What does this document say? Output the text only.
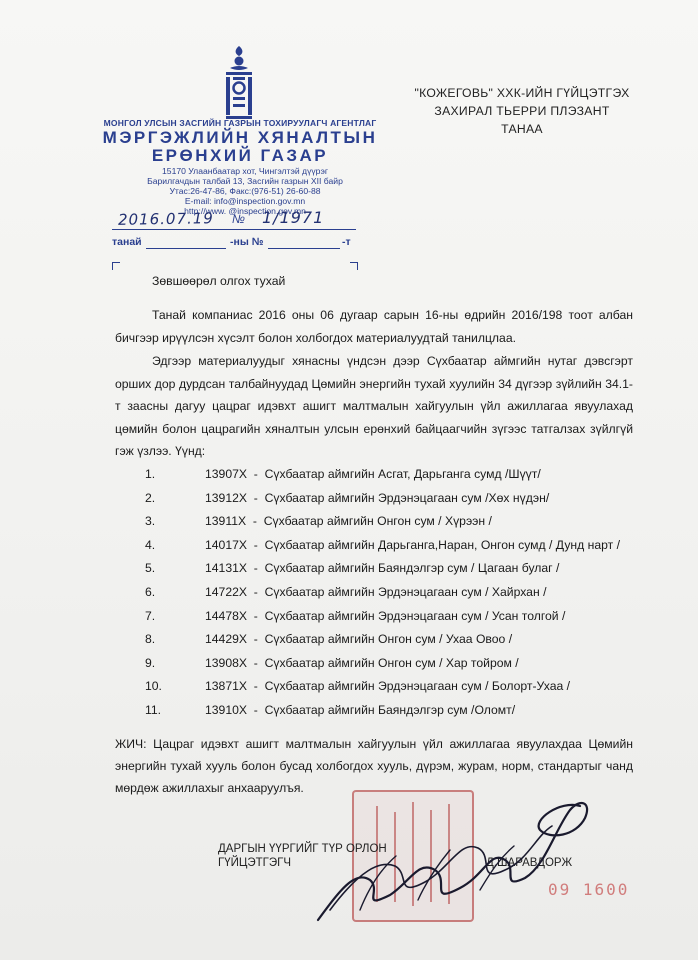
МОНГОЛ УЛСЫН ЗАСГИЙН ГАЗРЫН ТОХИРУУЛАГЧ АГЕНТЛАГ
МЭРГЭЖЛИЙН ХЯНАЛТЫН
ЕРӨНХИЙ ГАЗАР
15170 Улаанбаатар хот, Чингэлтэй дүүрэг
Барилгачдын талбай 13, Засгийн газрын XII байр
Утас:26-47-86, Факс:(976-51) 26-60-88
E-mail: info@inspection.gov.mn
http://www. @inspection.gov.mn
2016.07.19 № 1/1971
танай	-ны №	-т
"КОЖЕГОВЬ" ХХК-ИЙН ГҮЙЦЭТГЭХ
ЗАХИРАЛ ТЬЕРРИ ПЛЭЗАНТ
ТАНАА
Зөвшөөрөл олгох тухай
Танай компаниас 2016 оны 06 дугаар сарын 16-ны өдрийн 2016/198 тоот албан бичгээр ирүүлсэн хүсэлт болон холбогдох материалуудтай танилцлаа.
Эдгээр материалуудыг хянасны үндсэн дээр Сүхбаатар аймгийн нутаг дэвсгэрт орших дор дурдсан талбайнуудад Цөмийн энергийн тухай хуулийн 34 дүгээр зүйлийн 34.1-т заасны дагуу цацраг идэвхт ашигт малтмалын хайгуулын үйл ажиллагаа явуулахад цөмийн болон цацрагийн хяналтын улсын ерөнхий байцаагчийн зүгээс татгалзах зүйлгүй гэж үзлээ. Үүнд:
1.	13907X  -  Сүхбаатар аймгийн Асгат, Дарьганга сумд /Шүүт/
2.	13912X  -  Сүхбаатар аймгийн Эрдэнэцагаан сум /Хөх нүдэн/
3.	13911X  -  Сүхбаатар аймгийн Онгон сум / Хүрээн /
4.	14017X  -  Сүхбаатар аймгийн Дарьганга,Наран, Онгон сумд / Дунд нарт /
5.	14131X  -  Сүхбаатар аймгийн Баяндэлгэр сум / Цагаан булаг /
6.	14722X  -  Сүхбаатар аймгийн Эрдэнэцагаан сум / Хайрхан /
7.	14478X  -  Сүхбаатар аймгийн Эрдэнэцагаан сум / Усан толгой /
8.	14429X  -  Сүхбаатар аймгийн Онгон сум / Ухаа Овоо /
9.	13908X  -  Сүхбаатар аймгийн Онгон сум / Хар тойром /
10.	13871X  -  Сүхбаатар аймгийн Эрдэнэцагаан сум / Болорт-Ухаа /
11.	13910X  -  Сүхбаатар аймгийн Баяндэлгэр сум /Оломт/
ЖИЧ: Цацраг идэвхт ашигт малтмалын хайгуулын үйл ажиллагаа явуулахдаа Цөмийн энергийн тухай хууль болон бусад холбогдох хууль, дүрэм, журам, норм, стандартыг чанд мөрдөж ажиллахыг анхааруулъя.
ДАРГЫН ҮҮРГИЙГ ТҮР ОРЛОН
ГҮЙЦЭТГЭГЧ	Д.ШАРАВДОРЖ
09 1600
